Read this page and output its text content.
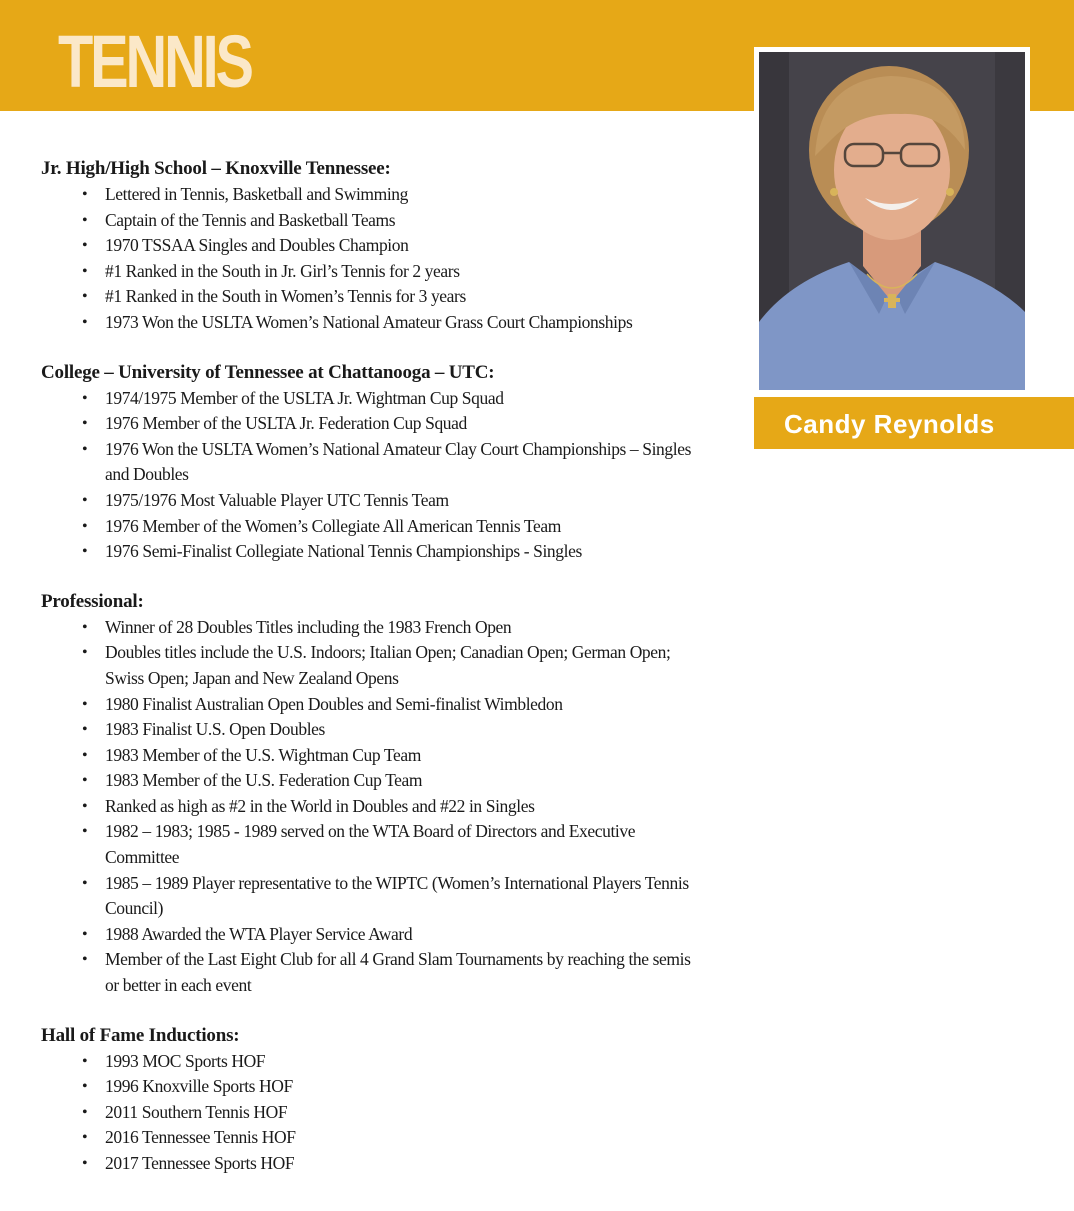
TENNIS
Candy Reynolds
Jr. High/High School – Knoxville Tennessee:
• Lettered in Tennis, Basketball and Swimming
• Captain of the Tennis and Basketball Teams
• 1970 TSSAA Singles and Doubles Champion
• #1 Ranked in the South in Jr. Girl’s Tennis for 2 years
• #1 Ranked in the South in Women’s Tennis for 3 years
• 1973 Won the USLTA Women’s National Amateur Grass Court Championships
College – University of Tennessee at Chattanooga – UTC:
• 1974/1975 Member of the USLTA Jr. Wightman Cup Squad
• 1976 Member of the USLTA Jr. Federation Cup Squad
• 1976 Won the USLTA Women’s National Amateur Clay Court Championships – Singles and Doubles
• 1975/1976 Most Valuable Player UTC Tennis Team
• 1976 Member of the Women’s Collegiate All American Tennis Team
• 1976 Semi-Finalist Collegiate National Tennis Championships - Singles
Professional:
• Winner of 28 Doubles Titles including the 1983 French Open
• Doubles titles include the U.S. Indoors; Italian Open; Canadian Open; German Open; Swiss Open; Japan and New Zealand Opens
• 1980 Finalist Australian Open Doubles and Semi-finalist Wimbledon
• 1983 Finalist U.S. Open Doubles
• 1983 Member of the U.S. Wightman Cup Team
• 1983 Member of the U.S. Federation Cup Team
• Ranked as high as #2 in the World in Doubles and #22 in Singles
• 1982 – 1983; 1985 - 1989 served on the WTA Board of Directors and Executive Committee
• 1985 – 1989 Player representative to the WIPTC (Women’s International Players Tennis Council)
• 1988 Awarded the WTA Player Service Award
• Member of the Last Eight Club for all 4 Grand Slam Tournaments by reaching the semis or better in each event
Hall of Fame Inductions:
• 1993 MOC Sports HOF
• 1996 Knoxville Sports HOF
• 2011 Southern Tennis HOF
• 2016 Tennessee Tennis HOF
• 2017 Tennessee Sports HOF
